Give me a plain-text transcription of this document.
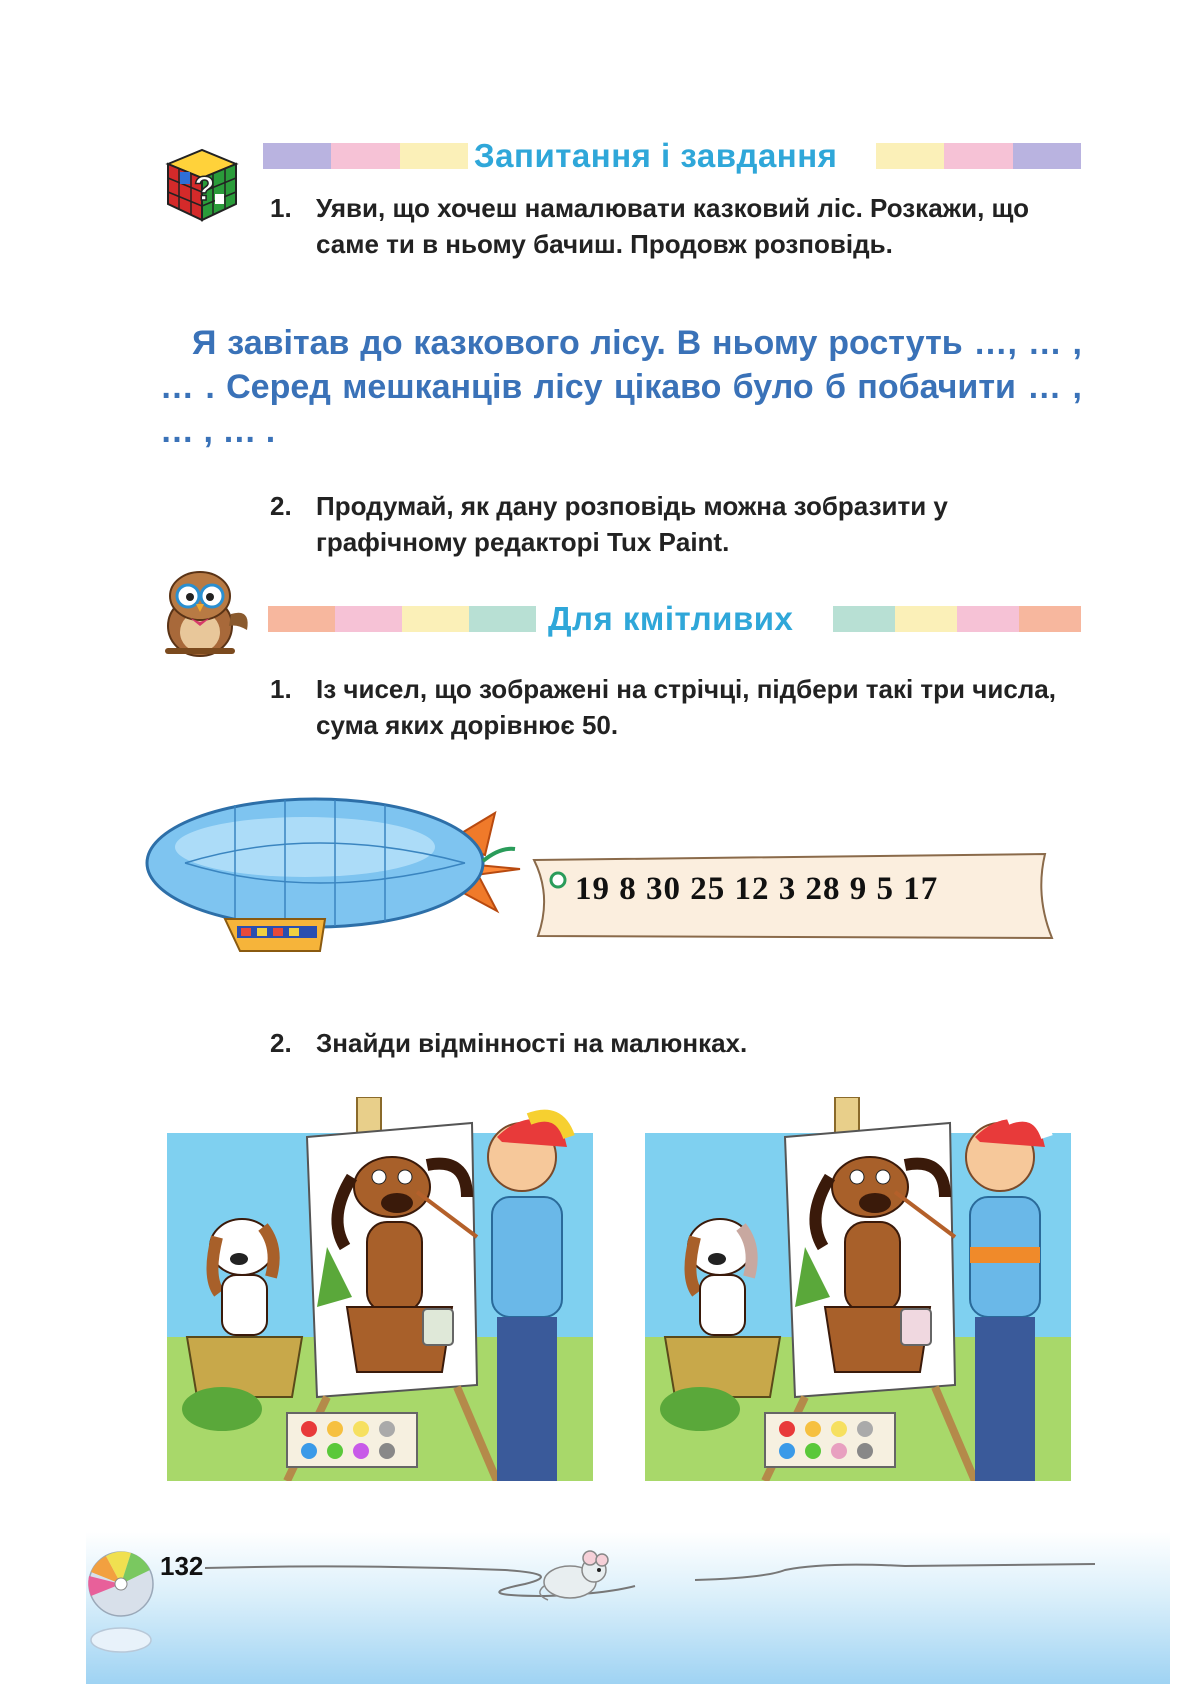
?
Запитання і завдання
1. Уяви, що хочеш намалювати казковий ліс. Розкажи, що саме ти в ньому бачиш. Продовж розповідь.
Я завітав до казкового лісу. В ньому ростуть …, … , … . Серед мешканців лісу цікаво було б побачити … , … , … .
2. Продумай, як дану розповідь можна зобразити у графічному редакторі Tux Paint.
Для кмітливих
1. Із чисел, що зображені на стрічці, підбери такі три числа, сума яких дорівнює 50.
19 8 30 25 12 3 28 9 5 17
2. Знайди відмінності на малюнках.
132
